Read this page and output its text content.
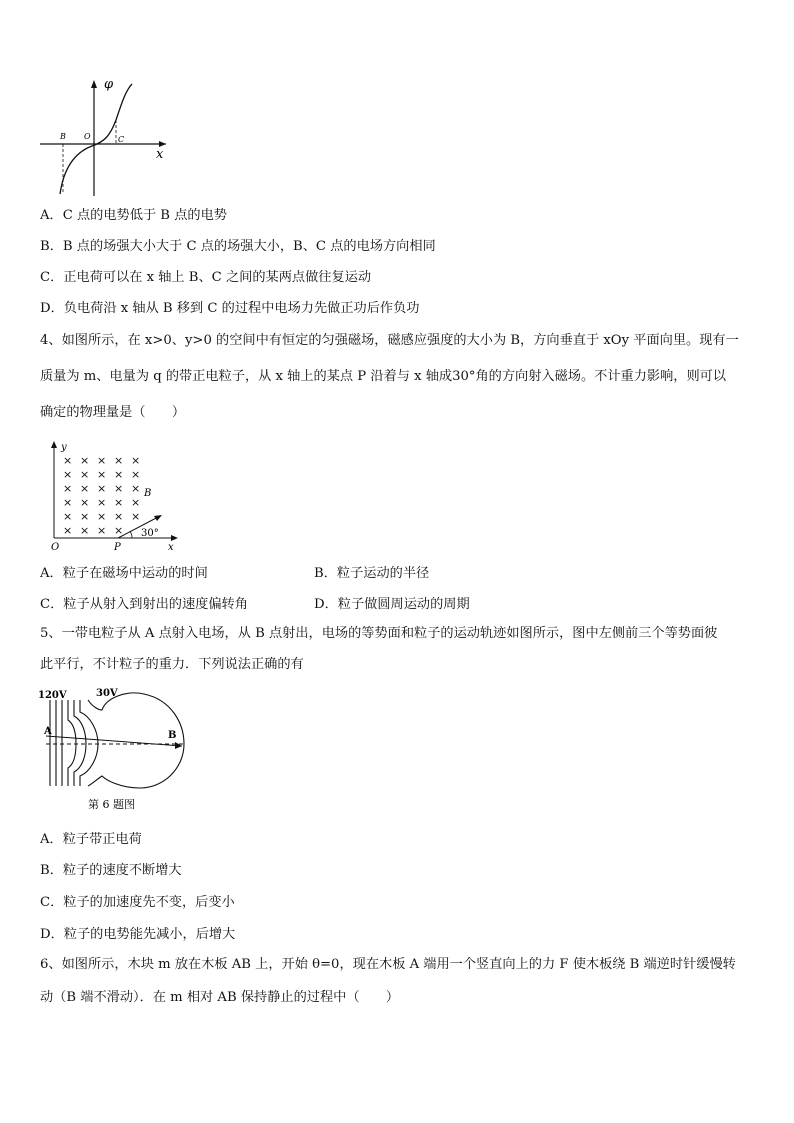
φ
x
B O	C
A．C 点的电势低于 B 点的电势
B．B 点的场强大小大于 C 点的场强大小，B、C 点的电场方向相同
C．正电荷可以在 x 轴上 B、C 之间的某两点做往复运动
D．负电荷沿 x 轴从 B 移到 C 的过程中电场力先做正功后作负功
4、如图所示，在 x>0、y>0 的空间中有恒定的匀强磁场，磁感应强度的大小为 B，方向垂直于 xOy 平面向里。现有一
质量为 m、电量为 q 的带正电粒子，从 x 轴上的某点 P 沿着与 x 轴成30°角的方向射入磁场。不计重力影响，则可以
确定的物理量是（　　）
× × × × ×
× × × × ×
× × × × ×
× × × × ×
× × × × ×
× × × ×
y
x
O	P
B
30°
A．粒子在磁场中运动的时间	B．粒子运动的半径
C．粒子从射入到射出的速度偏转角	D．粒子做圆周运动的周期
5、一带电粒子从 A 点射入电场，从 B 点射出，电场的等势面和粒子的运动轨迹如图所示，图中左侧前三个等势面彼
此平行，不计粒子的重力．下列说法正确的有
120V	30V
A	B
第 6 题图
A．粒子带正电荷
B．粒子的速度不断增大
C．粒子的加速度先不变，后变小
D．粒子的电势能先减小，后增大
6、如图所示，木块 m 放在木板 AB 上，开始 θ=0，现在木板 A 端用一个竖直向上的力 F 使木板绕 B 端逆时针缓慢转
动（B 端不滑动）．在 m 相对 AB 保持静止的过程中（　　）
